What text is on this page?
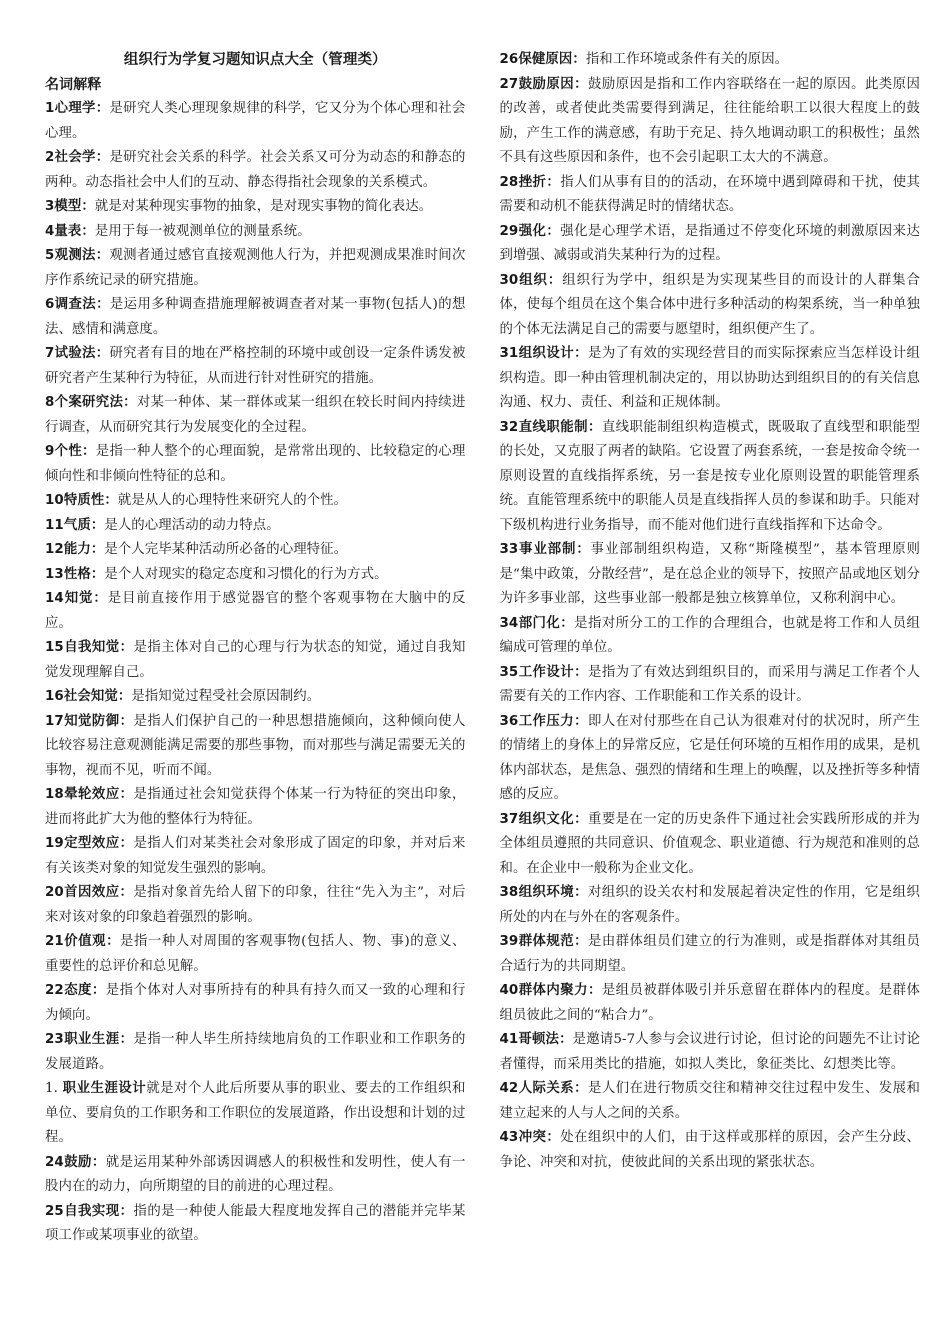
组织行为学复习题知识点大全（管理类）

名词解释

1心理学：是研究人类心理现象规律的科学，它又分为个体心理和社会心理。

2社会学：是研究社会关系的科学。社会关系又可分为动态的和静态的两种。动态指社会中人们的互动、静态得指社会现象的关系模式。

3模型：就是对某种现实事物的抽象，是对现实事物的简化表达。

4量表：是用于每一被观测单位的测量系统。

5观测法：观测者通过感官直接观测他人行为，并把观测成果准时间次序作系统记录的研究措施。

6调查法：是运用多种调查措施理解被调查者对某一事物(包括人)的想法、感情和满意度。

7试验法：研究者有目的地在严格控制的环境中或创设一定条件诱发被研究者产生某种行为特征，从而进行针对性研究的措施。

8个案研究法：对某一种体、某一群体或某一组织在较长时间内持续进行调查，从而研究其行为发展变化的全过程。

9个性：是指一种人整个的心理面貌，是常常出现的、比较稳定的心理倾向性和非倾向性特征的总和。

10特质性：就是从人的心理特性来研究人的个性。

11气质：是人的心理活动的动力特点。

12能力：是个人完毕某种活动所必备的心理特征。

13性格：是个人对现实的稳定态度和习惯化的行为方式。

14知觉：是目前直接作用于感觉器官的整个客观事物在大脑中的反应。

15自我知觉：是指主体对自己的心理与行为状态的知觉，通过自我知觉发现理解自己。

16社会知觉：是指知觉过程受社会原因制约。

17知觉防御：是指人们保护自己的一种思想措施倾向，这种倾向使人比较容易注意观测能满足需要的那些事物，而对那些与满足需要无关的事物，视而不见，听而不闻。

18晕轮效应：是指通过社会知觉获得个体某一行为特征的突出印象，进而将此扩大为他的整体行为特征。

19定型效应：是指人们对某类社会对象形成了固定的印象，并对后来有关该类对象的知觉发生强烈的影响。

20首因效应：是指对象首先给人留下的印象，往往“先入为主”，对后来对该对象的印象趋着强烈的影响。

21价值观：是指一种人对周围的客观事物(包括人、物、事)的意义、重要性的总评价和总见解。

22态度：是指个体对人对事所持有的种具有持久而又一致的心理和行为倾向。

23职业生涯：是指一种人毕生所持续地肩负的工作职业和工作职务的发展道路。

1. 职业生涯设计就是对个人此后所要从事的职业、要去的工作组织和单位、要肩负的工作职务和工作职位的发展道路，作出设想和计划的过程。

24鼓励：就是运用某种外部诱因调感人的积极性和发明性，使人有一股内在的动力，向所期望的目的前进的心理过程。

25自我实现：指的是一种使人能最大程度地发挥自己的潜能并完毕某项工作或某项事业的欲望。

26保健原因：指和工作环境或条件有关的原因。

27鼓励原因：鼓励原因是指和工作内容联络在一起的原因。此类原因的改善，或者使此类需要得到满足，往往能给职工以很大程度上的鼓励，产生工作的满意感，有助于充足、持久地调动职工的积极性；虽然不具有这些原因和条件，也不会引起职工太大的不满意。

28挫折：指人们从事有目的的活动，在环境中遇到障碍和干扰，使其需要和动机不能获得满足时的情绪状态。

29强化：强化是心理学术语，是指通过不停变化环境的刺激原因来达到增强、减弱或消失某种行为的过程。

30组织：组织行为学中，组织是为实现某些目的而设计的人群集合体，使每个组员在这个集合体中进行多种活动的构架系统，当一种单独的个体无法满足自己的需要与愿望时，组织便产生了。

31组织设计：是为了有效的实现经营目的而实际探索应当怎样设计组织构造。即一种由管理机制决定的，用以协助达到组织目的的有关信息沟通、权力、责任、利益和正规体制。

32直线职能制：直线职能制组织构造模式，既吸取了直线型和职能型的长处，又克服了两者的缺陷。它设置了两套系统，一套是按命令统一原则设置的直线指挥系统，另一套是按专业化原则设置的职能管理系统。直能管理系统中的职能人员是直线指挥人员的参谋和助手。只能对下级机构进行业务指导，而不能对他们进行直线指挥和下达命令。

33事业部制：事业部制组织构造，又称“斯隆模型”，基本管理原则是“集中政策，分散经营”，是在总企业的领导下，按照产品或地区划分为许多事业部，这些事业部一般都是独立核算单位，又称利润中心。

34部门化：是指对所分工的工作的合理组合，也就是将工作和人员组编成可管理的单位。

35工作设计：是指为了有效达到组织目的，而采用与满足工作者个人需要有关的工作内容、工作职能和工作关系的设计。

36工作压力：即人在对付那些在自己认为很难对付的状况时，所产生的情绪上的身体上的异常反应，它是任何环境的互相作用的成果，是机体内部状态，是焦急、强烈的情绪和生理上的唤醒，以及挫折等多种情感的反应。

37组织文化：重要是在一定的历史条件下通过社会实践所形成的并为全体组员遵照的共同意识、价值观念、职业道德、行为规范和准则的总和。在企业中一般称为企业文化。

38组织环境：对组织的设关农村和发展起着决定性的作用，它是组织所处的内在与外在的客观条件。

39群体规范：是由群体组员们建立的行为准则，或是指群体对其组员合适行为的共同期望。

40群体内聚力：是组员被群体吸引并乐意留在群体内的程度。是群体组员彼此之间的“粘合力”。

41哥顿法：是邀请5-7人参与会议进行讨论，但讨论的问题先不让讨论者懂得，而采用类比的措施，如拟人类比，象征类比、幻想类比等。

42人际关系：是人们在进行物质交往和精神交往过程中发生、发展和建立起来的人与人之间的关系。

43冲突：处在组织中的人们，由于这样或那样的原因，会产生分歧、争论、冲突和对抗，使彼此间的关系出现的紧张状态。
